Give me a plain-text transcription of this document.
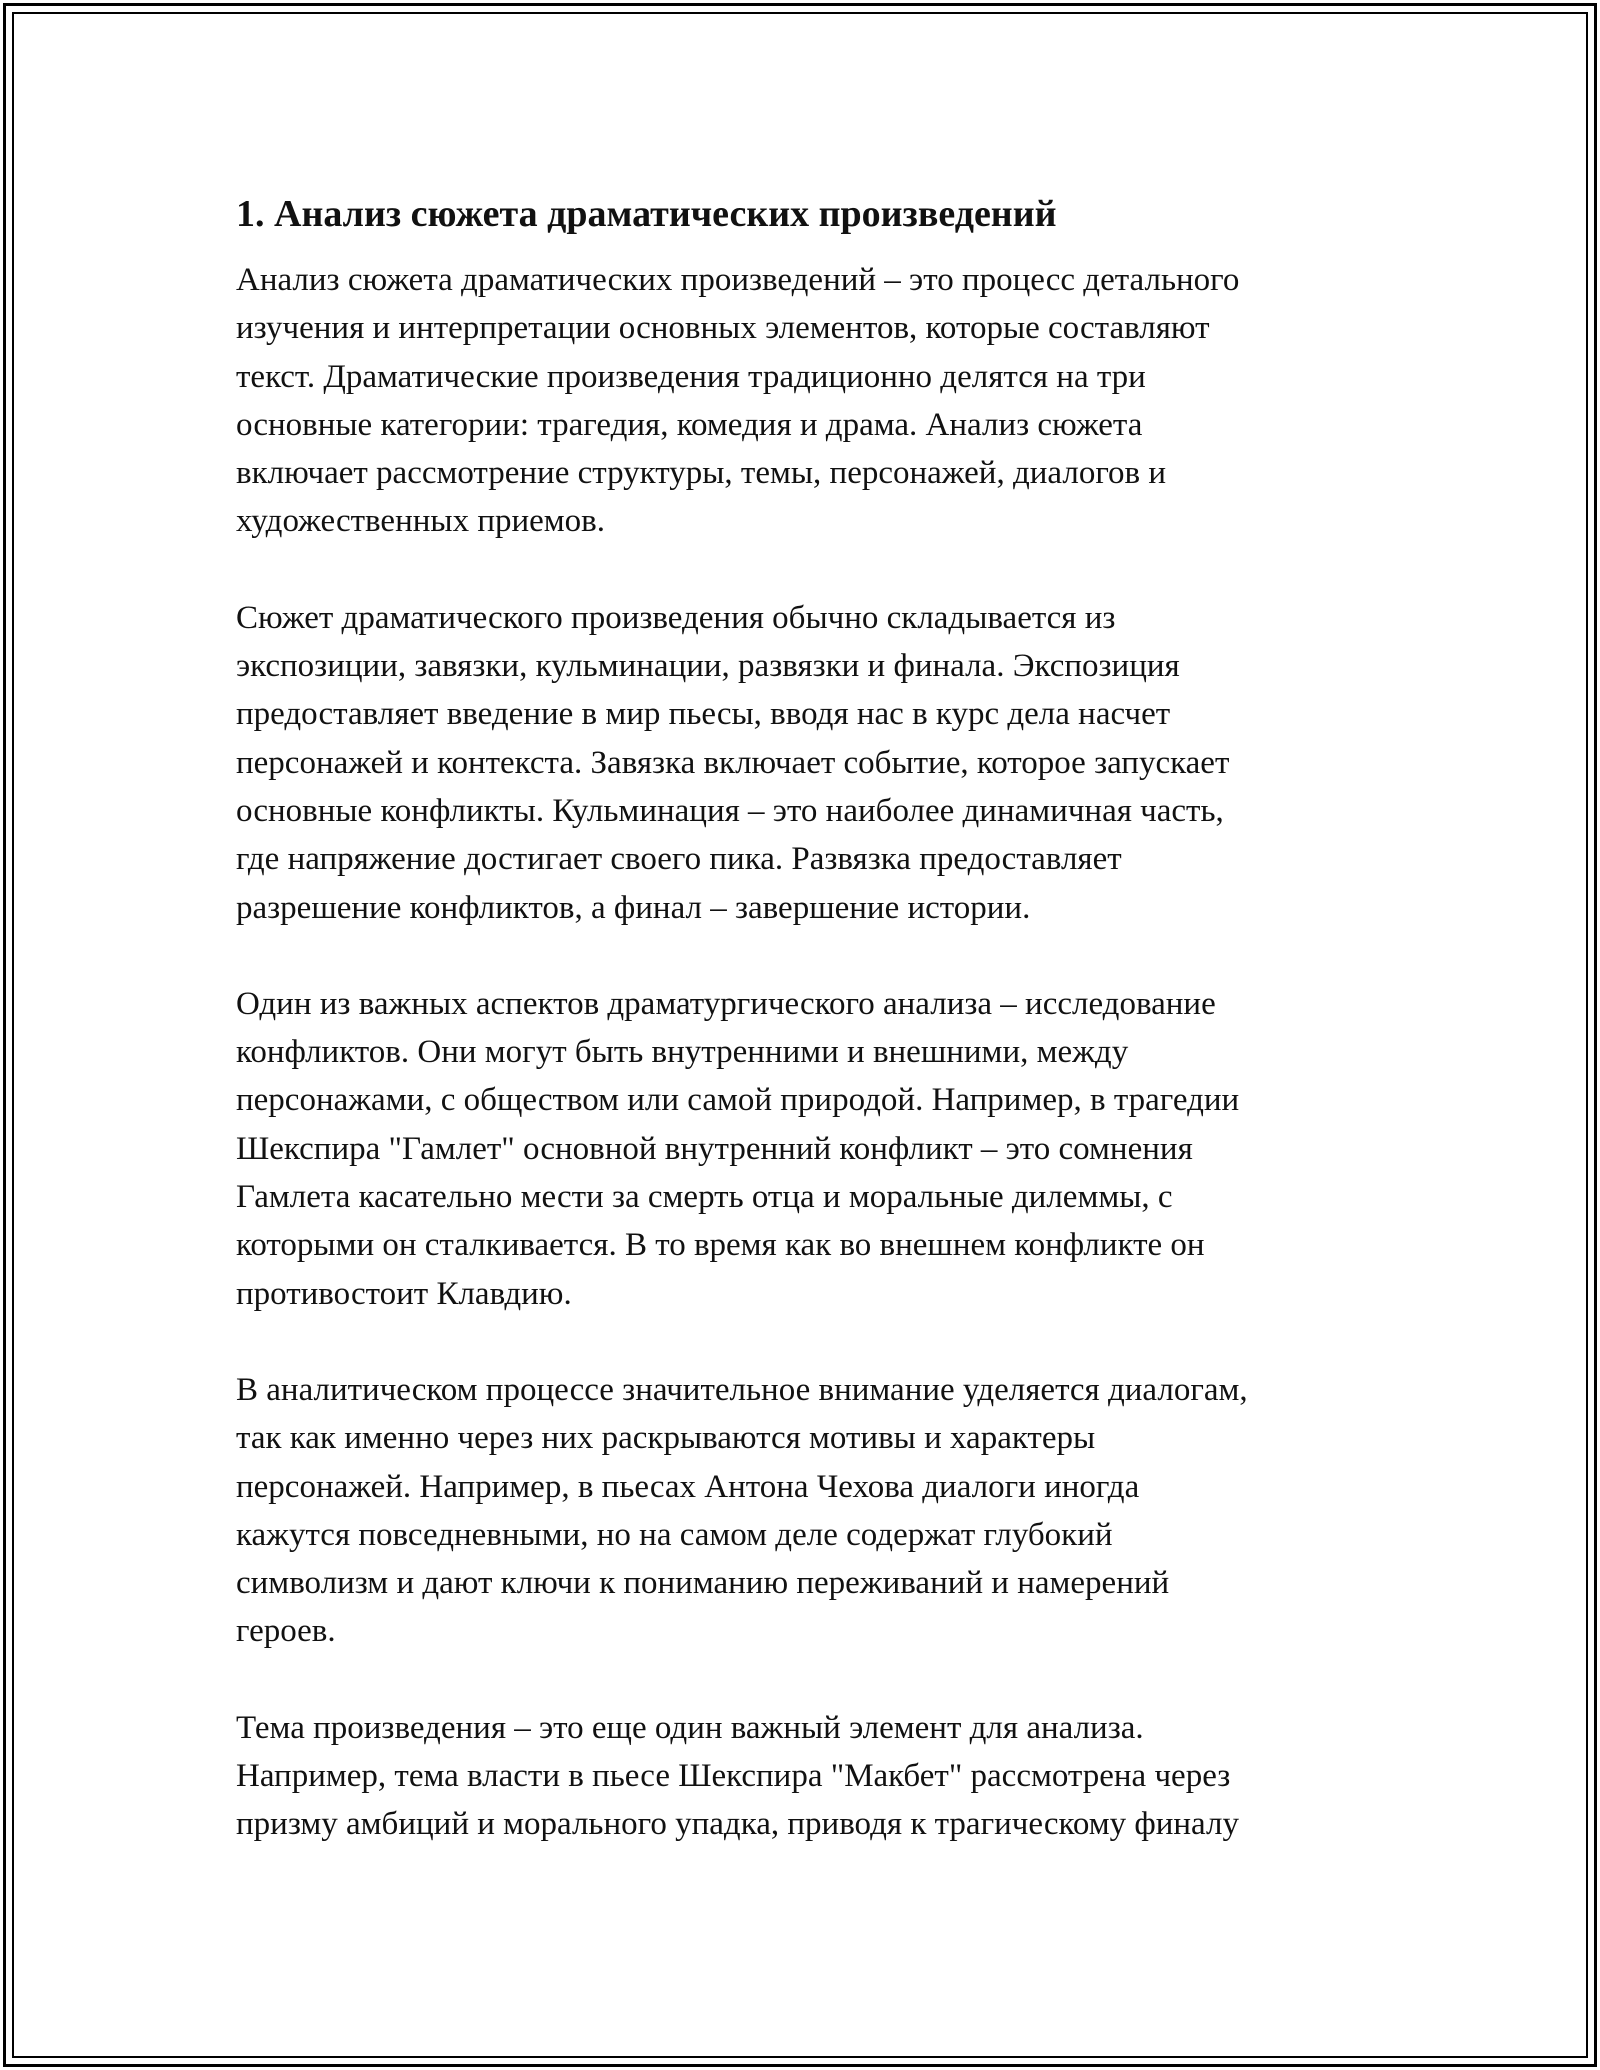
1. Анализ сюжета драматических произведений
Анализ сюжета драматических произведений – это процесс детального
изучения и интерпретации основных элементов, которые составляют
текст. Драматические произведения традиционно делятся на три
основные категории: трагедия, комедия и драма. Анализ сюжета
включает рассмотрение структуры, темы, персонажей, диалогов и
художественных приемов.
Сюжет драматического произведения обычно складывается из
экспозиции, завязки, кульминации, развязки и финала. Экспозиция
предоставляет введение в мир пьесы, вводя нас в курс дела насчет
персонажей и контекста. Завязка включает событие, которое запускает
основные конфликты. Кульминация – это наиболее динамичная часть,
где напряжение достигает своего пика. Развязка предоставляет
разрешение конфликтов, а финал – завершение истории.
Один из важных аспектов драматургического анализа – исследование
конфликтов. Они могут быть внутренними и внешними, между
персонажами, с обществом или самой природой. Например, в трагедии
Шекспира "Гамлет" основной внутренний конфликт – это сомнения
Гамлета касательно мести за смерть отца и моральные дилеммы, с
которыми он сталкивается. В то время как во внешнем конфликте он
противостоит Клавдию.
В аналитическом процессе значительное внимание уделяется диалогам,
так как именно через них раскрываются мотивы и характеры
персонажей. Например, в пьесах Антона Чехова диалоги иногда
кажутся повседневными, но на самом деле содержат глубокий
символизм и дают ключи к пониманию переживаний и намерений
героев.
Тема произведения – это еще один важный элемент для анализа.
Например, тема власти в пьесе Шекспира "Макбет" рассмотрена через
призму амбиций и морального упадка, приводя к трагическому финалу
